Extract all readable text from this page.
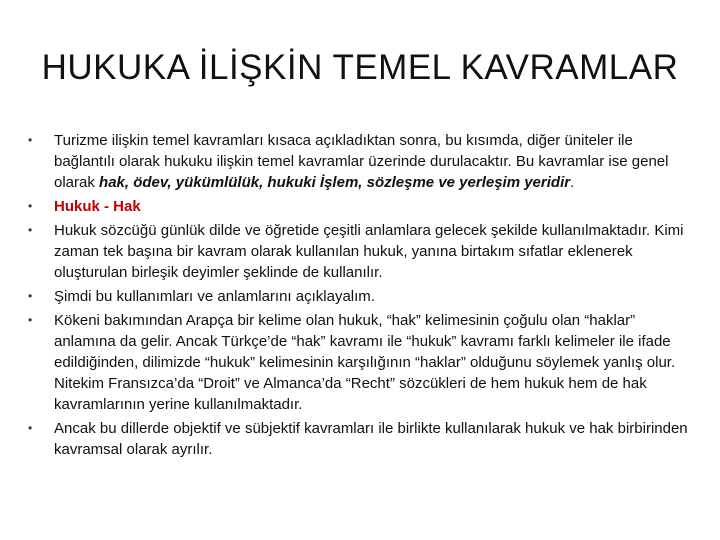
HUKUKA İLİŞKİN TEMEL KAVRAMLAR
• Turizme ilişkin temel kavramları kısaca açıkladıktan sonra, bu kısımda, diğer üniteler ile bağlantılı olarak hukuku ilişkin temel kavramlar üzerinde durulacaktır. Bu kavramlar ise genel olarak hak, ödev, yükümlülük, hukuki İşlem, sözleşme ve yerleşim yeridir.
• Hukuk - Hak
• Hukuk sözcüğü günlük dilde ve öğretide çeşitli anlamlara gelecek şekilde kullanılmaktadır. Kimi zaman tek başına bir kavram olarak kullanılan hukuk, yanına birtakım sıfatlar eklenerek oluşturulan birleşik deyimler şeklinde de kullanılır.
• Şimdi bu kullanımları ve anlamlarını açıklayalım.
• Kökeni bakımından Arapça bir kelime olan hukuk, “hak” kelimesinin çoğulu olan “haklar” anlamına da gelir. Ancak Türkçe’de “hak” kavramı ile “hukuk” kavramı farklı kelimeler ile ifade edildiğinden, dilimizde “hukuk” kelimesinin karşılığının “haklar” olduğunu söylemek yanlış olur. Nitekim Fransızca’da “Droit” ve Almanca’da “Recht” sözcükleri de hem hukuk hem de hak kavramlarının yerine kullanılmaktadır.
• Ancak bu dillerde objektif ve sübjektif kavramları ile birlikte kullanılarak hukuk ve hak birbirinden kavramsal olarak ayrılır.
